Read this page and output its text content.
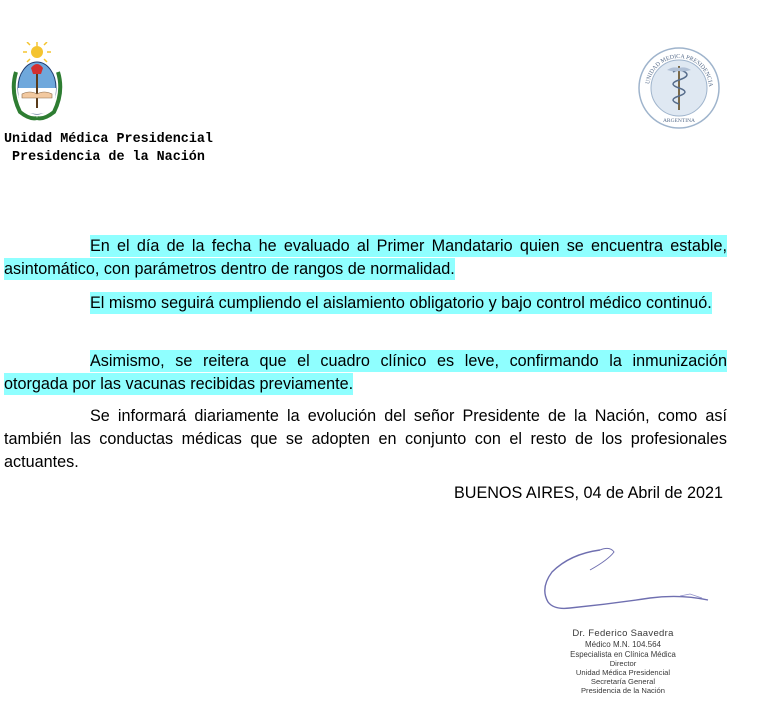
UNIDAD MEDICA PRESIDENCIA
ARGENTINA
Unidad Médica Presidencial
Presidencia de la Nación

En el día de la fecha he evaluado al Primer Mandatario quien se encuentra estable, asintomático, con parámetros dentro de rangos de normalidad.

El mismo seguirá cumpliendo el aislamiento obligatorio y bajo control médico continuó.

Asimismo, se reitera que el cuadro clínico es leve, confirmando la inmunización otorgada por las vacunas recibidas previamente.

Se informará diariamente la evolución del señor Presidente de la Nación, como así también las conductas médicas que se adopten en conjunto con el resto de los profesionales actuantes.

BUENOS AIRES, 04 de Abril de 2021
Dr. Federico Saavedra
Médico M.N. 104.564
Especialista en Clínica Médica
Director
Unidad Médica Presidencial
Secretaría General
Presidencia de la Nación
